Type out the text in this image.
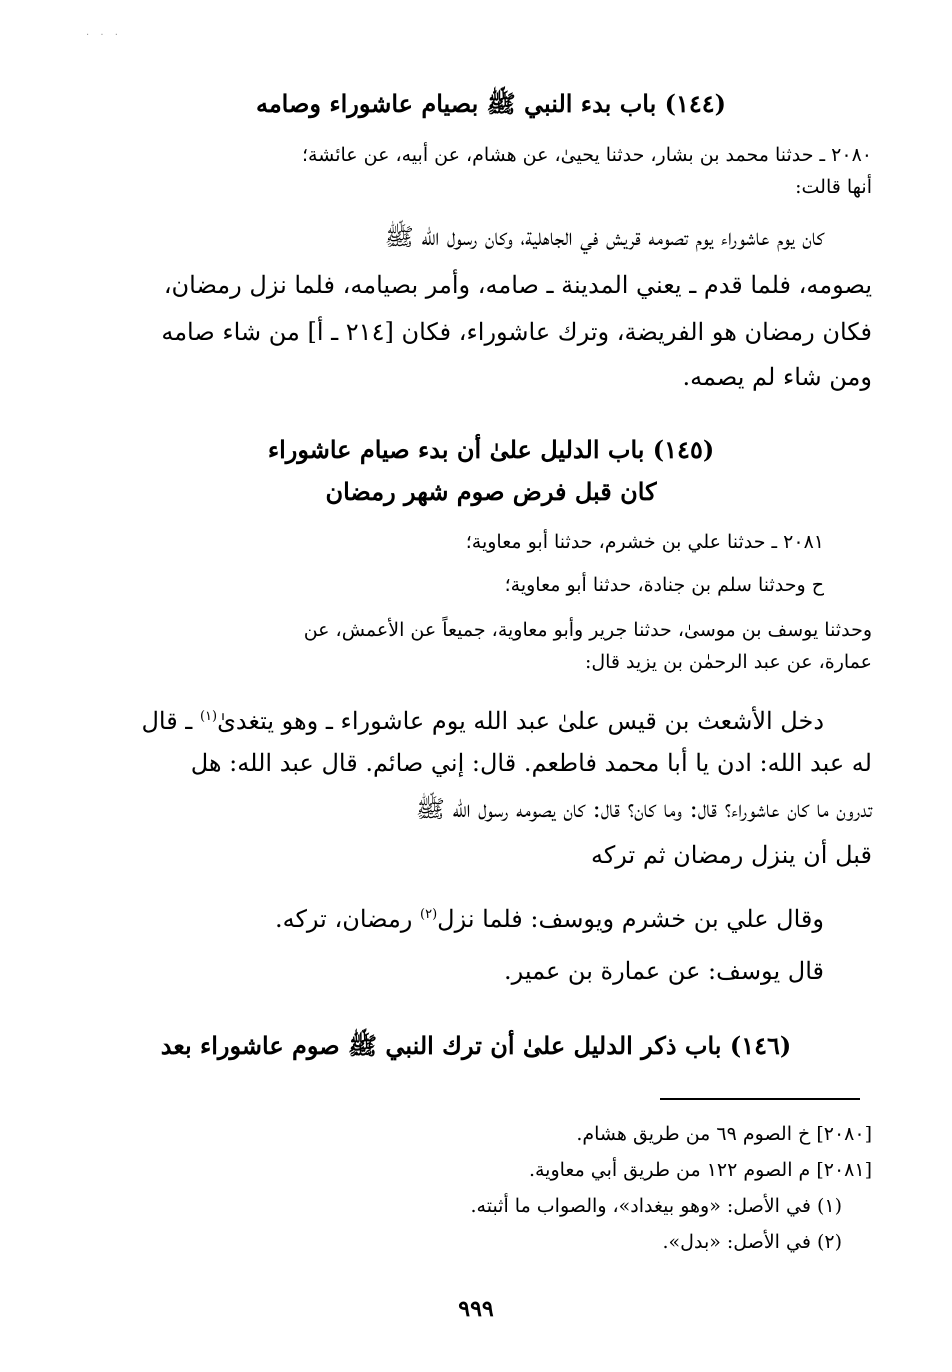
· · ·
(١٤٤) باب بدء النبي ﷺ بصيام عاشوراء وصامه
٢٠٨٠ ـ حدثنا محمد بن بشار، حدثنا يحيىٰ، عن هشام، عن أبيه، عن عائشة؛
أنها قالت:
كان يوم عاشوراء يوم تصومه قريش في الجاهلية، وكان رسول الله ﷺ
يصومه، فلما قدم ـ يعني المدينة ـ صامه، وأمر بصيامه، فلما نزل رمضان،
فكان رمضان هو الفريضة، وترك عاشوراء، فكان [٢١٤ ـ أ] من شاء صامه
ومن شاء لم يصمه.
(١٤٥) باب الدليل علىٰ أن بدء صيام عاشوراء
كان قبل فرض صوم شهر رمضان
٢٠٨١ ـ حدثنا علي بن خشرم، حدثنا أبو معاوية؛
ح وحدثنا سلم بن جنادة، حدثنا أبو معاوية؛
وحدثنا يوسف بن موسىٰ، حدثنا جرير وأبو معاوية، جميعاً عن الأعمش، عن
عمارة، عن عبد الرحمٰن بن يزيد قال:
دخل الأشعث بن قيس علىٰ عبد الله يوم عاشوراء ـ وهو يتغدىٰ$^{(١)}$ ـ قال
له عبد الله: ادن يا أبا محمد فاطعم. قال: إني صائم. قال عبد الله: هل
تدرون ما كان عاشوراء؟ قال: وما كان؟ قال: كان يصومه رسول الله ﷺ
قبل أن ينزل رمضان ثم تركه
وقال علي بن خشرم ويوسف: فلما نزل$^{(٢)}$ رمضان، تركه.
قال يوسف: عن عمارة بن عمير.
(١٤٦) باب ذكر الدليل علىٰ أن ترك النبي ﷺ صوم عاشوراء بعد
[٢٠٨٠] خ الصوم ٦٩ من طريق هشام.
[٢٠٨١] م الصوم ١٢٢ من طريق أبي معاوية.
(١) في الأصل: «وهو بيغداد»، والصواب ما أثبته.
(٢) في الأصل: «بدل».
٩٩٩
